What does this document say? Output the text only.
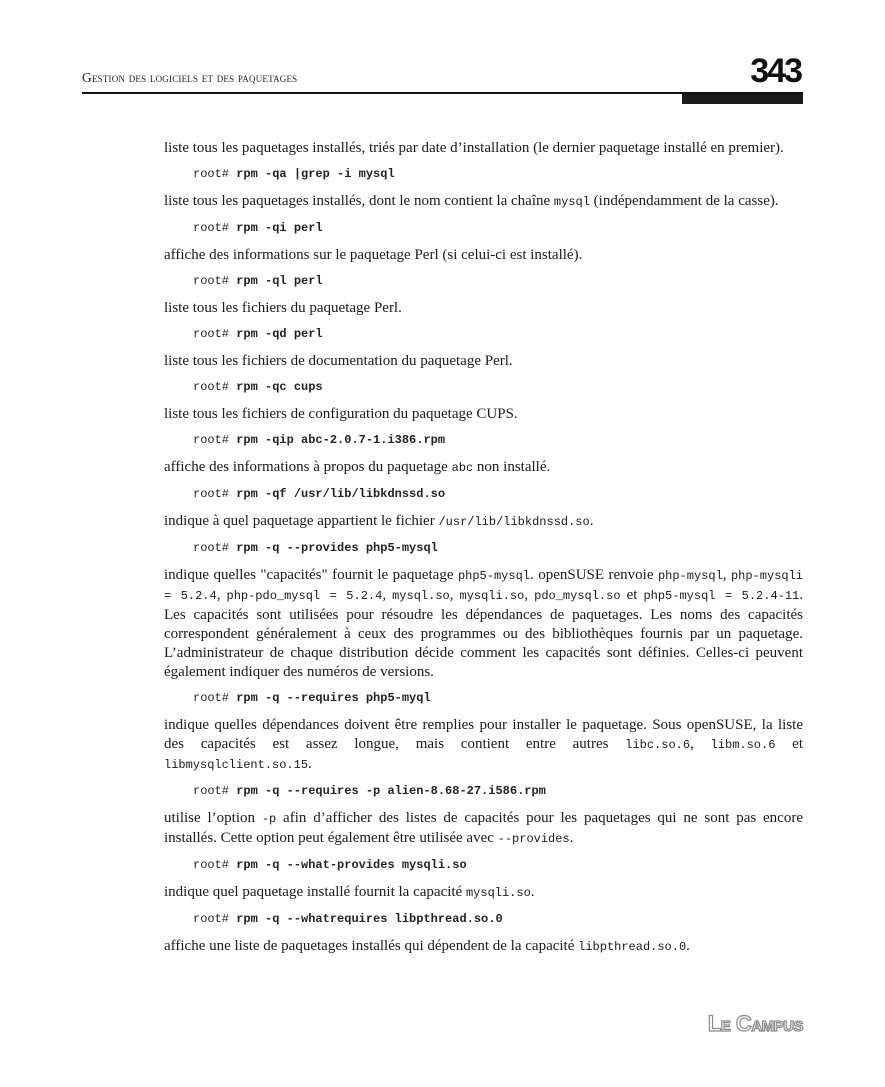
Gestion des logiciels et des paquetages	343

liste tous les paquetages installés, triés par date d’installation (le dernier paquetage installé en premier).

root# rpm -qa |grep -i mysql

liste tous les paquetages installés, dont le nom contient la chaîne mysql (indépendamment de la casse).

root# rpm -qi perl

affiche des informations sur le paquetage Perl (si celui-ci est installé).

root# rpm -ql perl

liste tous les fichiers du paquetage Perl.

root# rpm -qd perl

liste tous les fichiers de documentation du paquetage Perl.

root# rpm -qc cups

liste tous les fichiers de configuration du paquetage CUPS.

root# rpm -qip abc-2.0.7-1.i386.rpm

affiche des informations à propos du paquetage abc non installé.

root# rpm -qf /usr/lib/libkdnssd.so

indique à quel paquetage appartient le fichier /usr/lib/libkdnssd.so.

root# rpm -q --provides php5-mysql

indique quelles "capacités" fournit le paquetage php5-mysql. openSUSE renvoie php-mysql, php-mysqli = 5.2.4, php-pdo_mysql = 5.2.4, mysql.so, mysqli.so, pdo_mysql.so et php5-mysql = 5.2.4-11. Les capacités sont utilisées pour résoudre les dépendances de paquetages. Les noms des capacités correspondent généralement à ceux des programmes ou des bibliothèques fournis par un paquetage. L’administrateur de chaque distribution décide comment les capacités sont définies. Celles-ci peuvent également indiquer des numéros de versions.

root# rpm -q --requires php5-myql

indique quelles dépendances doivent être remplies pour installer le paquetage. Sous openSUSE, la liste des capacités est assez longue, mais contient entre autres libc.so.6, libm.so.6 et libmysqlclient.so.15.

root# rpm -q --requires -p alien-8.68-27.i586.rpm

utilise l’option -p afin d’afficher des listes de capacités pour les paquetages qui ne sont pas encore installés. Cette option peut également être utilisée avec --provides.

root# rpm -q --what-provides mysqli.so

indique quel paquetage installé fournit la capacité mysqli.so.

root# rpm -q --whatrequires libpthread.so.0

affiche une liste de paquetages installés qui dépendent de la capacité libpthread.so.0.

Le Campus
